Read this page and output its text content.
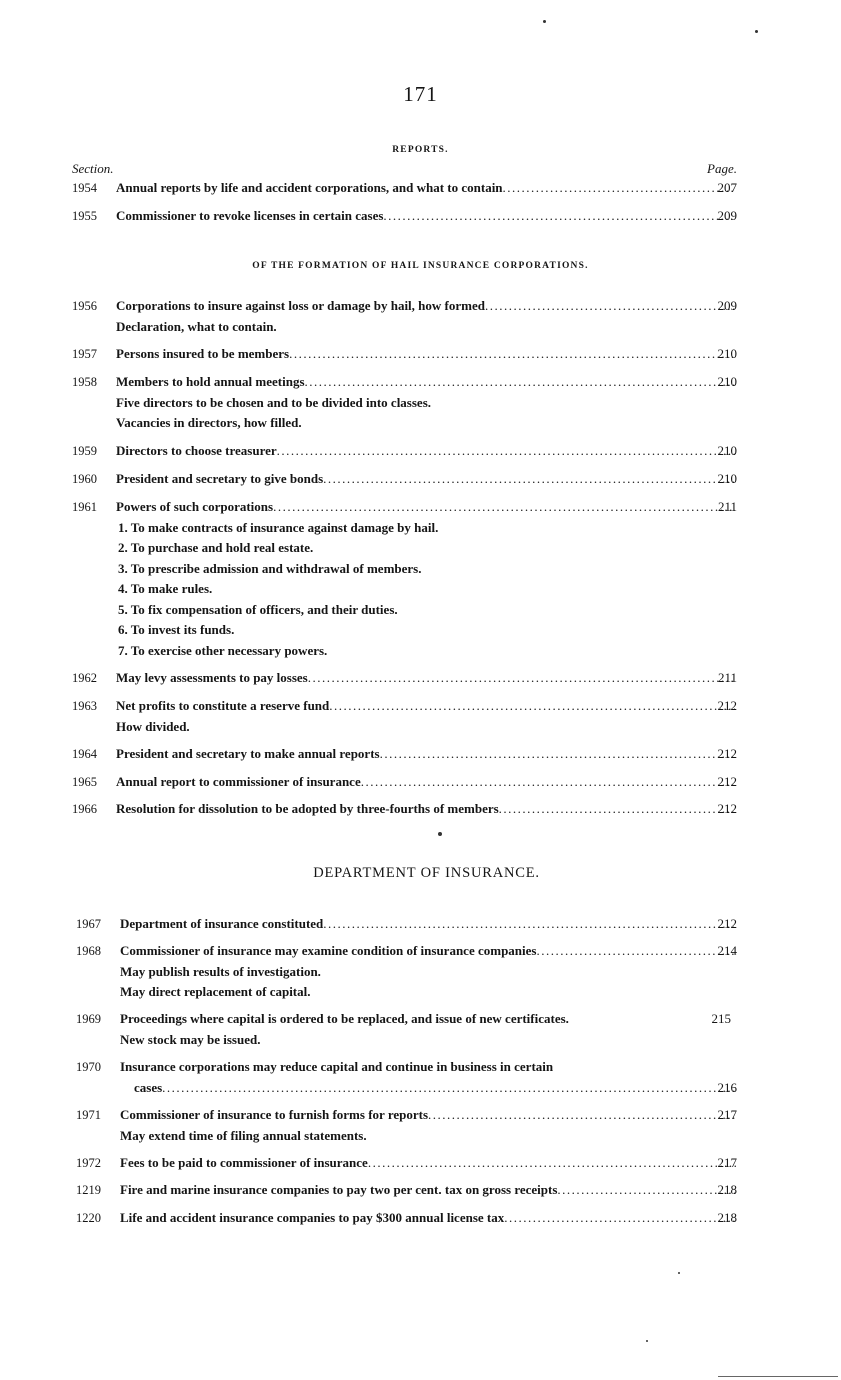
171
REPORTS.
Section.	Page.
1954	Annual reports by life and accident corporations, and what to contain .....	207
1955	Commissioner to revoke licenses in certain cases .....	209
OF THE FORMATION OF HAIL INSURANCE CORPORATIONS.
1956	Corporations to insure against loss or damage by hail, how formed .....	209
Declaration, what to contain.
1957	Persons insured to be members .....	210
1958	Members to hold annual meetings .....	210
Five directors to be chosen and to be divided into classes.
Vacancies in directors, how filled.
1959	Directors to choose treasurer .....	210
1960	President and secretary to give bonds .....	210
1961	Powers of such corporations .....	211
1. To make contracts of insurance against damage by hail.
2. To purchase and hold real estate.
3. To prescribe admission and withdrawal of members.
4. To make rules.
5. To fix compensation of officers, and their duties.
6. To invest its funds.
7. To exercise other necessary powers.
1962	May levy assessments to pay losses .....	211
1963	Net profits to constitute a reserve fund .....	212
How divided.
1964	President and secretary to make annual reports .....	212
1965	Annual report to commissioner of insurance .....	212
1966	Resolution for dissolution to be adopted by three-fourths of members .....	212
DEPARTMENT OF INSURANCE.
1967	Department of insurance constituted .....	212
1968	Commissioner of insurance may examine condition of insurance companies .....	214
May publish results of investigation.
May direct replacement of capital.
1969	Proceedings where capital is ordered to be replaced, and issue of new certificates.	215
New stock may be issued.
1970	Insurance corporations may reduce capital and continue in business in certain
cases .....	216
1971	Commissioner of insurance to furnish forms for reports .....	217
May extend time of filing annual statements.
1972	Fees to be paid to commissioner of insurance .....	217
1219	Fire and marine insurance companies to pay two per cent. tax on gross receipts .....	218
1220	Life and accident insurance companies to pay $300 annual license tax .....	218
